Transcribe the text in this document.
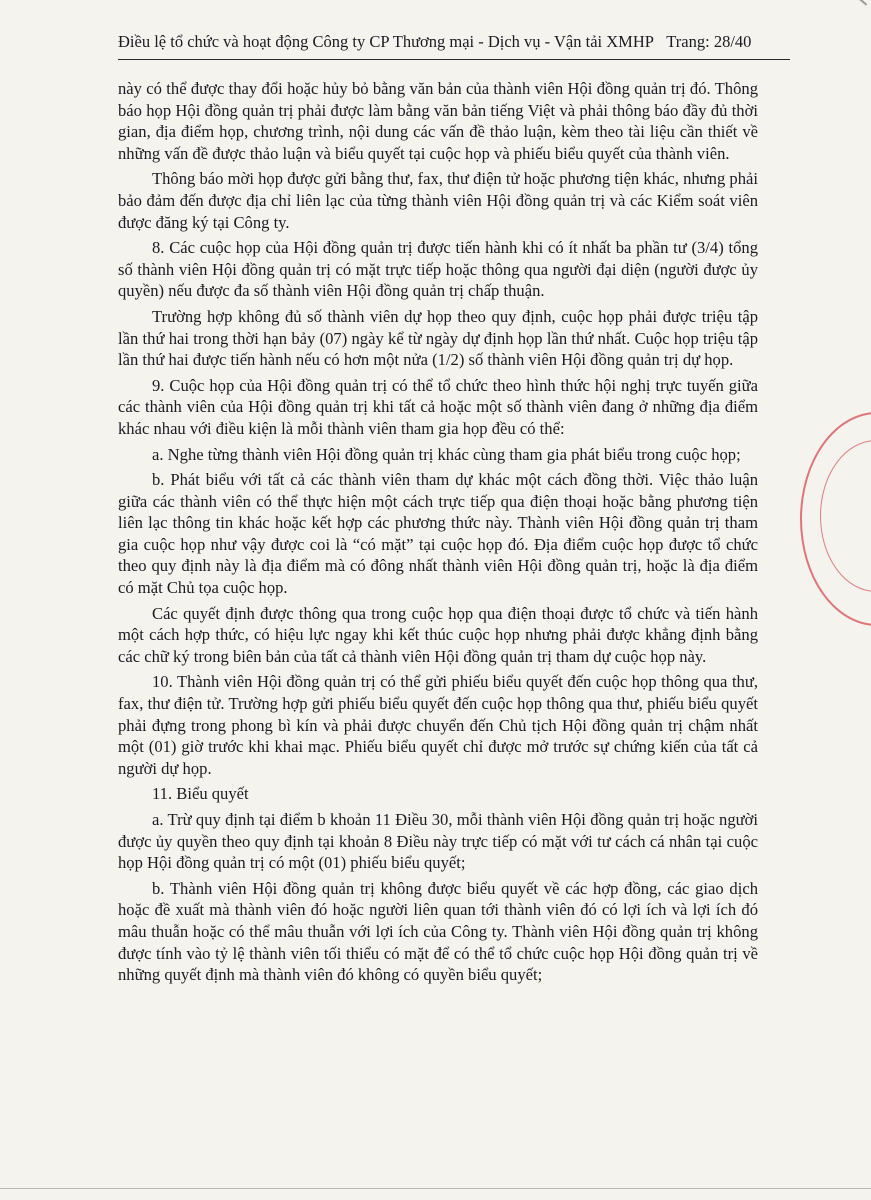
Điều lệ tổ chức và hoạt động Công ty CP Thương mại - Dịch vụ - Vận tải XMHP Trang: 28/40

này có thể được thay đổi hoặc hủy bỏ bằng văn bản của thành viên Hội đồng quản trị đó. Thông báo họp Hội đồng quản trị phải được làm bằng văn bản tiếng Việt và phải thông báo đầy đủ thời gian, địa điểm họp, chương trình, nội dung các vấn đề thảo luận, kèm theo tài liệu cần thiết về những vấn đề được thảo luận và biểu quyết tại cuộc họp và phiếu biểu quyết của thành viên.

Thông báo mời họp được gửi bằng thư, fax, thư điện tử hoặc phương tiện khác, nhưng phải bảo đảm đến được địa chỉ liên lạc của từng thành viên Hội đồng quản trị và các Kiểm soát viên được đăng ký tại Công ty.

8. Các cuộc họp của Hội đồng quản trị được tiến hành khi có ít nhất ba phần tư (3/4) tổng số thành viên Hội đồng quản trị có mặt trực tiếp hoặc thông qua người đại diện (người được ủy quyền) nếu được đa số thành viên Hội đồng quản trị chấp thuận.

Trường hợp không đủ số thành viên dự họp theo quy định, cuộc họp phải được triệu tập lần thứ hai trong thời hạn bảy (07) ngày kể từ ngày dự định họp lần thứ nhất. Cuộc họp triệu tập lần thứ hai được tiến hành nếu có hơn một nửa (1/2) số thành viên Hội đồng quản trị dự họp.

9. Cuộc họp của Hội đồng quản trị có thể tổ chức theo hình thức hội nghị trực tuyến giữa các thành viên của Hội đồng quản trị khi tất cả hoặc một số thành viên đang ở những địa điểm khác nhau với điều kiện là mỗi thành viên tham gia họp đều có thể:

a. Nghe từng thành viên Hội đồng quản trị khác cùng tham gia phát biểu trong cuộc họp;

b. Phát biểu với tất cả các thành viên tham dự khác một cách đồng thời. Việc thảo luận giữa các thành viên có thể thực hiện một cách trực tiếp qua điện thoại hoặc bằng phương tiện liên lạc thông tin khác hoặc kết hợp các phương thức này. Thành viên Hội đồng quản trị tham gia cuộc họp như vậy được coi là “có mặt” tại cuộc họp đó. Địa điểm cuộc họp được tổ chức theo quy định này là địa điểm mà có đông nhất thành viên Hội đồng quản trị, hoặc là địa điểm có mặt Chủ tọa cuộc họp.

Các quyết định được thông qua trong cuộc họp qua điện thoại được tổ chức và tiến hành một cách hợp thức, có hiệu lực ngay khi kết thúc cuộc họp nhưng phải được khẳng định bằng các chữ ký trong biên bản của tất cả thành viên Hội đồng quản trị tham dự cuộc họp này.

10. Thành viên Hội đồng quản trị có thể gửi phiếu biểu quyết đến cuộc họp thông qua thư, fax, thư điện tử. Trường hợp gửi phiếu biểu quyết đến cuộc họp thông qua thư, phiếu biểu quyết phải đựng trong phong bì kín và phải được chuyển đến Chủ tịch Hội đồng quản trị chậm nhất một (01) giờ trước khi khai mạc. Phiếu biểu quyết chỉ được mở trước sự chứng kiến của tất cả người dự họp.

11. Biểu quyết

a. Trừ quy định tại điểm b khoản 11 Điều 30, mỗi thành viên Hội đồng quản trị hoặc người được ủy quyền theo quy định tại khoản 8 Điều này trực tiếp có mặt với tư cách cá nhân tại cuộc họp Hội đồng quản trị có một (01) phiếu biểu quyết;

b. Thành viên Hội đồng quản trị không được biểu quyết về các hợp đồng, các giao dịch hoặc đề xuất mà thành viên đó hoặc người liên quan tới thành viên đó có lợi ích và lợi ích đó mâu thuẫn hoặc có thể mâu thuẫn với lợi ích của Công ty. Thành viên Hội đồng quản trị không được tính vào tỷ lệ thành viên tối thiểu có mặt để có thể tổ chức cuộc họp Hội đồng quản trị về những quyết định mà thành viên đó không có quyền biểu quyết;
